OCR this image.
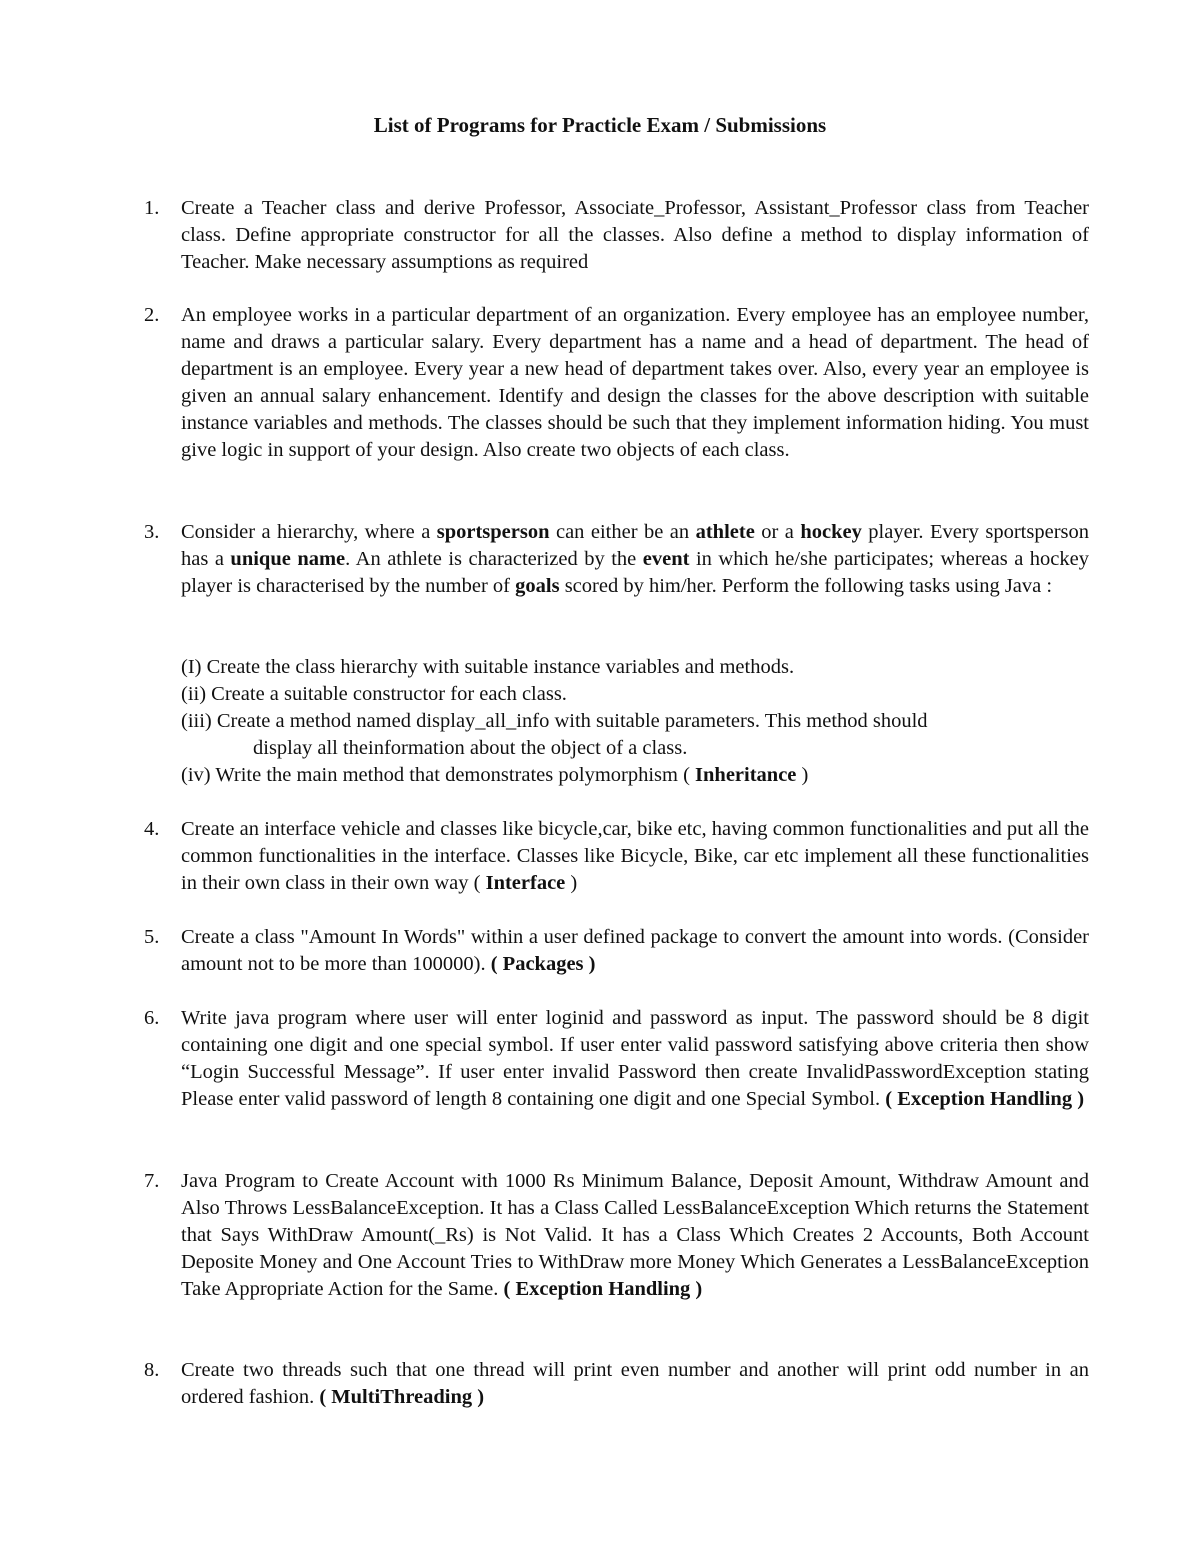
List of Programs for Practicle Exam / Submissions
1.	Create a Teacher class and derive Professor, Associate_Professor, Assistant_Professor class from Teacher class. Define appropriate constructor for all the classes. Also define a method to display information of Teacher. Make necessary assumptions as required

2.	An employee works in a particular department of an organization. Every employee has an employee number, name and draws a particular salary. Every department has a name and a head of department. The head of department is an employee. Every year a new head of department takes over. Also, every year an employee is given an annual salary enhancement. Identify and design the classes for the above description with suitable instance variables and methods. The classes should be such that they implement information hiding. You must give logic in support of your design. Also create two objects of each class.

3.	Consider a hierarchy, where a sportsperson can either be an athlete or a hockey player. Every sportsperson has a unique name. An athlete is characterized by the event in which he/she participates; whereas a hockey player is characterised by the number of goals scored by him/her. Perform the following tasks using Java :

(I) Create the class hierarchy with suitable instance variables and methods.
(ii) Create a suitable constructor for each class.
(iii) Create a method named display_all_info with suitable parameters. This method should
display all theinformation about the object of a class.
(iv) Write the main method that demonstrates polymorphism ( Inheritance )
4.	Create an interface vehicle and classes like bicycle,car, bike etc, having common functionalities and put all the common functionalities in the interface. Classes like Bicycle, Bike, car etc implement all these functionalities in their own class in their own way ( Interface )

5.	Create a class "Amount In Words" within a user defined package to convert the amount into words. (Consider amount not to be more than 100000). ( Packages )

6.	Write java program where user will enter loginid and password as input. The password should be 8 digit containing one digit and one special symbol. If user enter valid password satisfying above criteria then show “Login Successful Message”. If user enter invalid Password then create InvalidPasswordException stating Please enter valid password of length 8 containing one digit and one Special Symbol. ( Exception Handling )

7.	Java Program to Create Account with 1000 Rs Minimum Balance, Deposit Amount, Withdraw Amount and Also Throws LessBalanceException. It has a Class Called LessBalanceException Which returns the Statement that Says WithDraw Amount(_Rs) is Not Valid. It has a Class Which Creates 2 Accounts, Both Account Deposite Money and One Account Tries to WithDraw more Money Which Generates a LessBalanceException Take Appropriate Action for the Same. ( Exception Handling )

8.	Create two threads such that one thread will print even number and another will print odd number in an ordered fashion. ( MultiThreading )
